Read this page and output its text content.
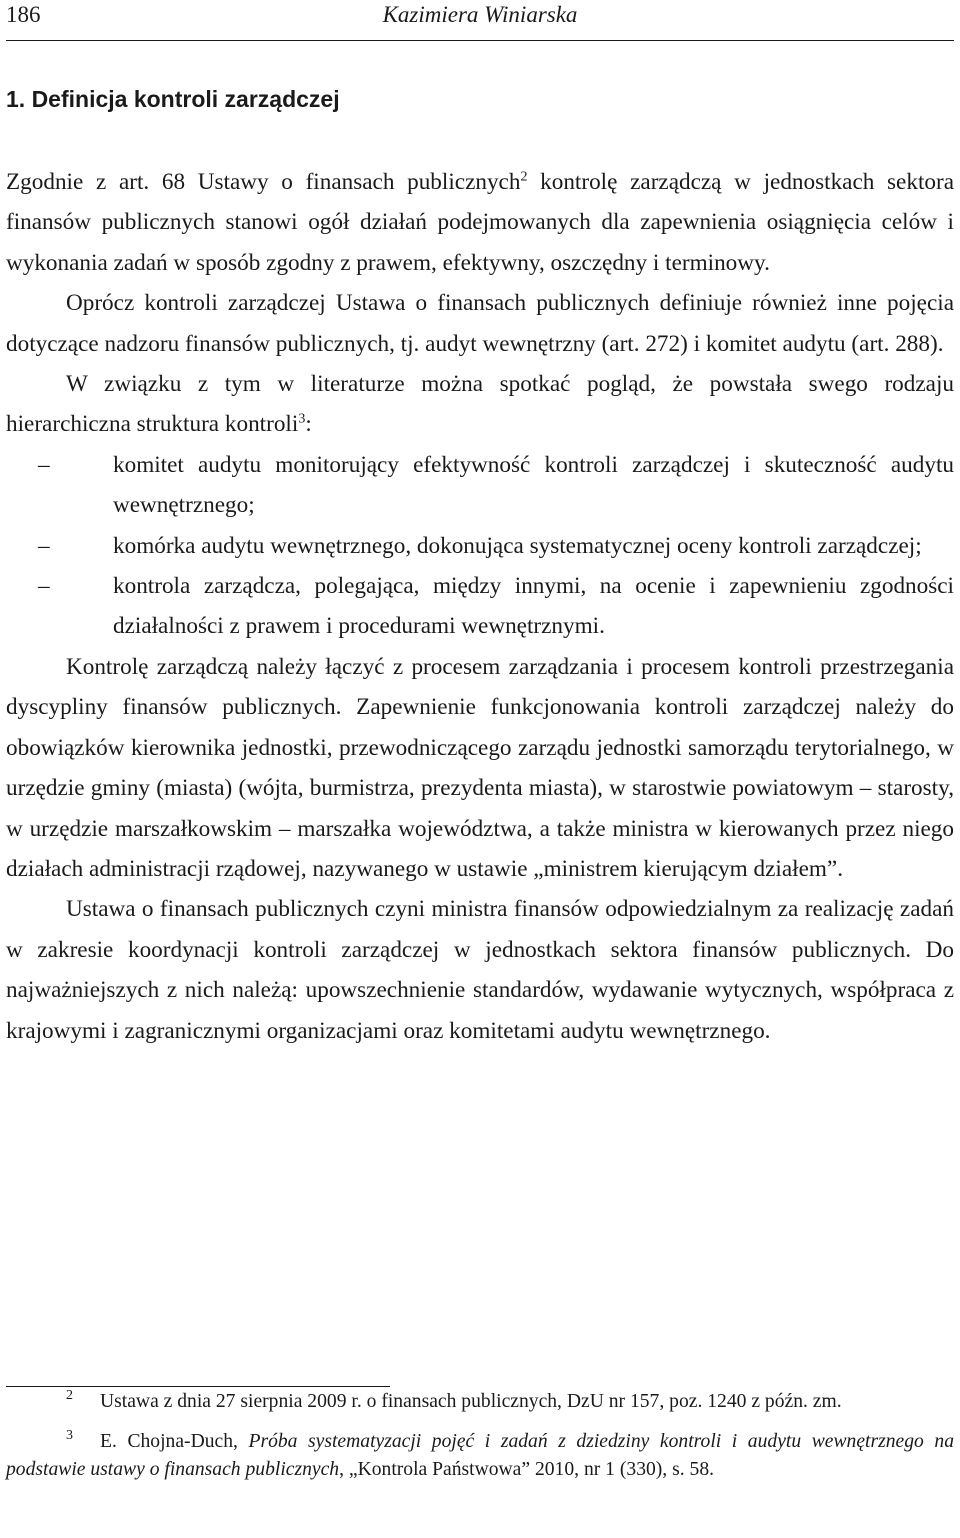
186	Kazimiera Winiarska
1. Definicja kontroli zarządczej

Zgodnie z art. 68 Ustawy o finansach publicznych$^2$ kontrolę zarządczą w jednostkach sektora finansów publicznych stanowi ogół działań podejmowanych dla zapewnienia osiągnięcia celów i wykonania zadań w sposób zgodny z prawem, efektywny, oszczędny i terminowy.

Oprócz kontroli zarządczej Ustawa o finansach publicznych definiuje również inne pojęcia dotyczące nadzoru finansów publicznych, tj. audyt wewnętrzny (art. 272) i komitet audytu (art. 288).

W związku z tym w literaturze można spotkać pogląd, że powstała swego rodzaju hierarchiczna struktura kontroli$^3$:

–	komitet audytu monitorujący efektywność kontroli zarządczej i skuteczność audytu wewnętrznego;
–	komórka audytu wewnętrznego, dokonująca systematycznej oceny kontroli zarządczej;
–	kontrola zarządcza, polegająca, między innymi, na ocenie i zapewnieniu zgodności działalności z prawem i procedurami wewnętrznymi.

Kontrolę zarządczą należy łączyć z procesem zarządzania i procesem kontroli przestrzegania dyscypliny finansów publicznych. Zapewnienie funkcjonowania kontroli zarządczej należy do obowiązków kierownika jednostki, przewodniczącego zarządu jednostki samorządu terytorialnego, w urzędzie gminy (miasta) (wójta, burmistrza, prezydenta miasta), w starostwie powiatowym – starosty, w urzędzie marszałkowskim – marszałka województwa, a także ministra w kierowanych przez niego działach administracji rządowej, nazywanego w ustawie „ministrem kierującym działem”.

Ustawa o finansach publicznych czyni ministra finansów odpowiedzialnym za realizację zadań w zakresie koordynacji kontroli zarządczej w jednostkach sektora finansów publicznych. Do najważniejszych z nich należą: upowszechnienie standardów, wydawanie wytycznych, współpraca z krajowymi i zagranicznymi organizacjami oraz komitetami audytu wewnętrznego.

2 Ustawa z dnia 27 sierpnia 2009 r. o finansach publicznych, DzU nr 157, poz. 1240 z późn. zm.

3 E. Chojna-Duch, Próba systematyzacji pojęć i zadań z dziedziny kontroli i audytu wewnętrznego na podstawie ustawy o finansach publicznych, „Kontrola Państwowa” 2010, nr 1 (330), s. 58.
